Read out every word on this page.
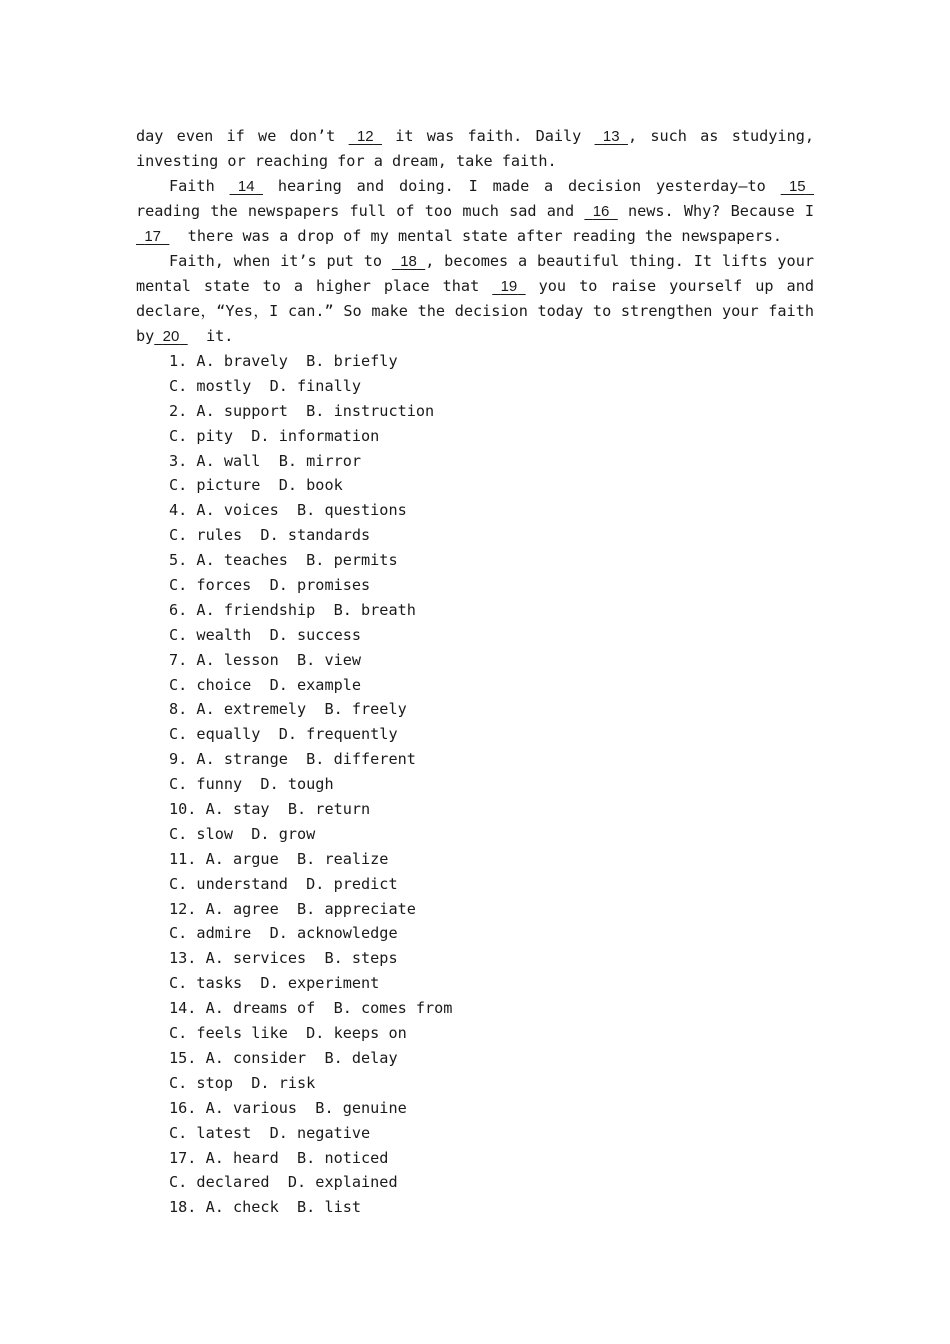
day even if we don’t 12 it was faith. Daily 13 , such as studying,
investing or reaching for a dream, take faith.
Faith 14 hearing and doing. I made a decision yesterday—to 15
reading the newspapers full of too much sad and 16 news. Why? Because I
17 there was a drop of my mental state after reading the newspapers.
Faith, when it’s put to 18 , becomes a beautiful thing. It lifts your
mental state to a higher place that 19 you to raise yourself up and
declare，“Yes，I can.” So make the decision today to strengthen your faith
by 20 it.
1. A. bravely  B. briefly
C. mostly  D. finally
2. A. support  B. instruction
C. pity  D. information
3. A. wall  B. mirror
C. picture  D. book
4. A. voices  B. questions
C. rules  D. standards
5. A. teaches  B. permits
C. forces  D. promises
6. A. friendship  B. breath
C. wealth  D. success
7. A. lesson  B. view
C. choice  D. example
8. A. extremely  B. freely
C. equally  D. frequently
9. A. strange  B. different
C. funny  D. tough
10. A. stay  B. return
C. slow  D. grow
11. A. argue  B. realize
C. understand  D. predict
12. A. agree  B. appreciate
C. admire  D. acknowledge
13. A. services  B. steps
C. tasks  D. experiment
14. A. dreams of  B. comes from
C. feels like  D. keeps on
15. A. consider  B. delay
C. stop  D. risk
16. A. various  B. genuine
C. latest  D. negative
17. A. heard  B. noticed
C. declared  D. explained
18. A. check  B. list
